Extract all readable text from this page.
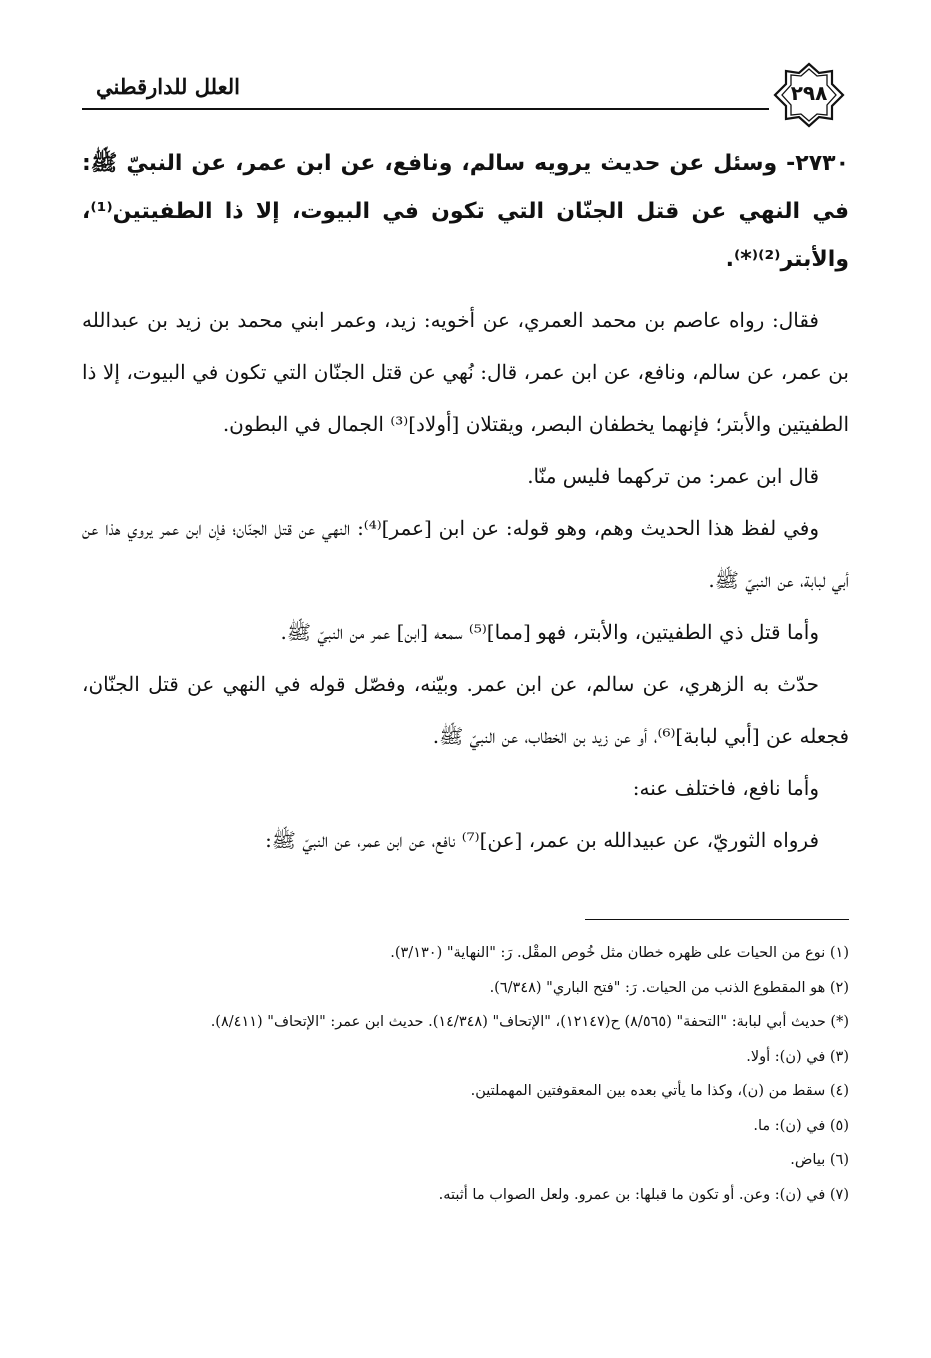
العلل للدارقطني	٢٩٨

٢٧٣٠- وسئل عن حديث يرويه سالم، ونافع، عن ابن عمر، عن النبيّ ﷺ: في النهي عن قتل الجنّان التي تكون في البيوت، إلا ذا الطفيتين⁽¹⁾، والأبتر⁽²⁾⁽*⁾.

فقال: رواه عاصم بن محمد العمري، عن أخويه: زيد، وعمر ابني محمد بن زيد بن عبدالله بن عمر، عن سالم، ونافع، عن ابن عمر، قال: نُهي عن قتل الجنّان التي تكون في البيوت، إلا ذا الطفيتين والأبتر؛ فإنهما يخطفان البصر، ويقتلان [أولاد]⁽³⁾ الجمال في البطون.

قال ابن عمر: من تركهما فليس منّا.

وفي لفظ هذا الحديث وهم، وهو قوله: عن ابن [عمر]⁽⁴⁾: النهي عن قتل الجنّان؛ فإن ابن عمر يروي هذا عن أبي لبابة، عن النبيّ ﷺ.

وأما قتل ذي الطفيتين، والأبتر، فهو [مما]⁽⁵⁾ سمعه [ابن] عمر من النبيّ ﷺ.

حدّث به الزهري، عن سالم، عن ابن عمر. وبيّنه، وفصّل قوله في النهي عن قتل الجنّان، فجعله عن [أبي لبابة]⁽⁶⁾، أو عن زيد بن الخطاب، عن النبيّ ﷺ.

وأما نافع، فاختلف عنه:

فرواه الثوريّ، عن عبيدالله بن عمر، [عن]⁽⁷⁾ نافع، عن ابن عمر، عن النبيّ ﷺ:

(١) نوع من الحيات على ظهره خطان مثل خُوص المقْل. رَ: "النهاية" (٣/١٣٠).

(٢) هو المقطوع الذنب من الحيات. رَ: "فتح الباري" (٦/٣٤٨).

(*) حديث أبي لبابة: "التحفة" (٨/٥٦٥) ح(١٢١٤٧)، "الإتحاف" (١٤/٣٤٨). حديث ابن عمر: "الإتحاف" (٨/٤١١).

(٣) في (ن): أولا.

(٤) سقط من (ن)، وكذا ما يأتي بعده بين المعقوفتين المهملتين.

(٥) في (ن): ما.

(٦) بياض.

(٧) في (ن): وعن. أو تكون ما قبلها: بن عمرو. ولعل الصواب ما أثبته.
